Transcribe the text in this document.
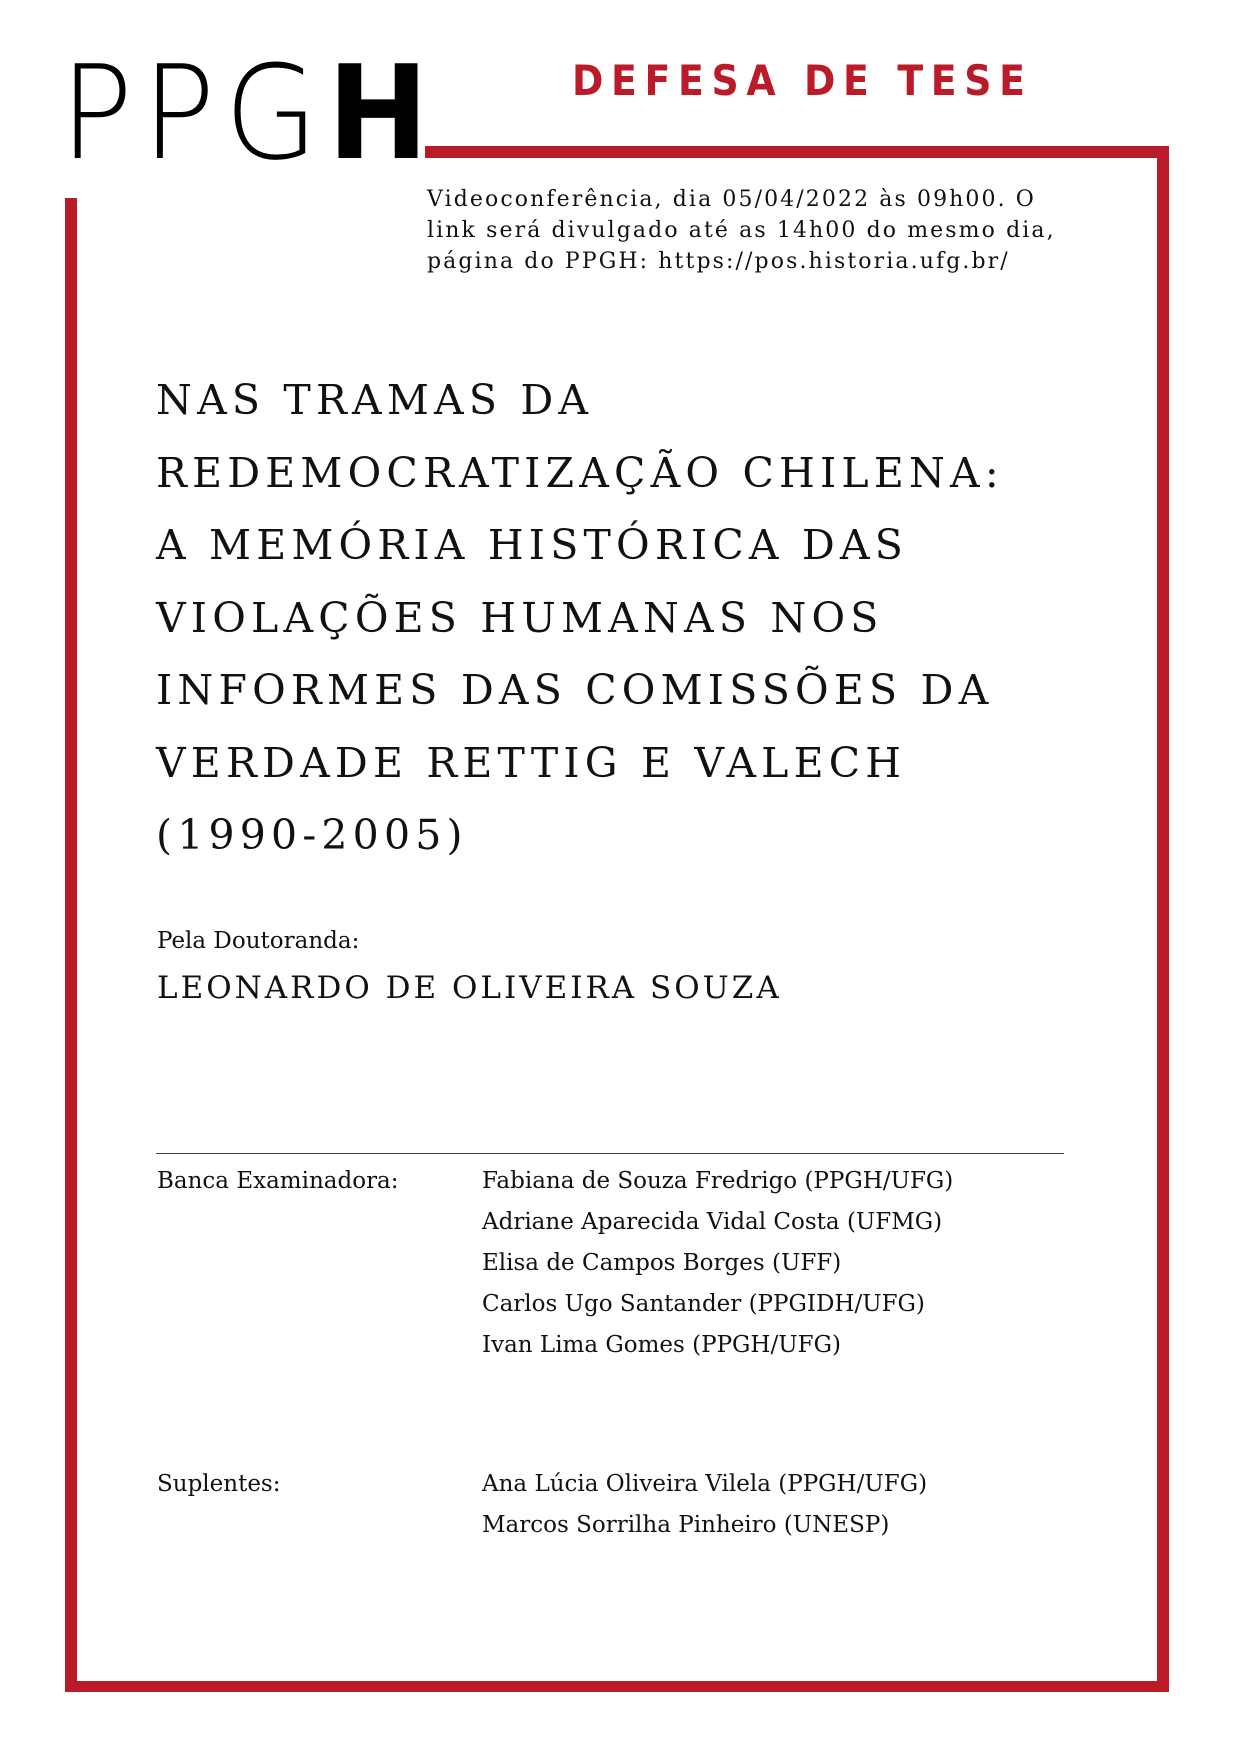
PPGH	DEFESA DE TESE
Videoconferência, dia 05/04/2022 às 09h00. O
link será divulgado até as 14h00 do mesmo dia,
página do PPGH: https://pos.historia.ufg.br/
NAS TRAMAS DA
REDEMOCRATIZAÇÃO CHILENA:
A MEMÓRIA HISTÓRICA DAS
VIOLAÇÕES HUMANAS NOS
INFORMES DAS COMISSÕES DA
VERDADE RETTIG E VALECH
(1990-2005)
Pela Doutoranda:
LEONARDO DE OLIVEIRA SOUZA
Banca Examinadora:	Fabiana de Souza Fredrigo (PPGH/UFG)
Adriane Aparecida Vidal Costa (UFMG)
Elisa de Campos Borges (UFF)
Carlos Ugo Santander (PPGIDH/UFG)
Ivan Lima Gomes (PPGH/UFG)
Suplentes:	Ana Lúcia Oliveira Vilela (PPGH/UFG)
Marcos Sorrilha Pinheiro (UNESP)
